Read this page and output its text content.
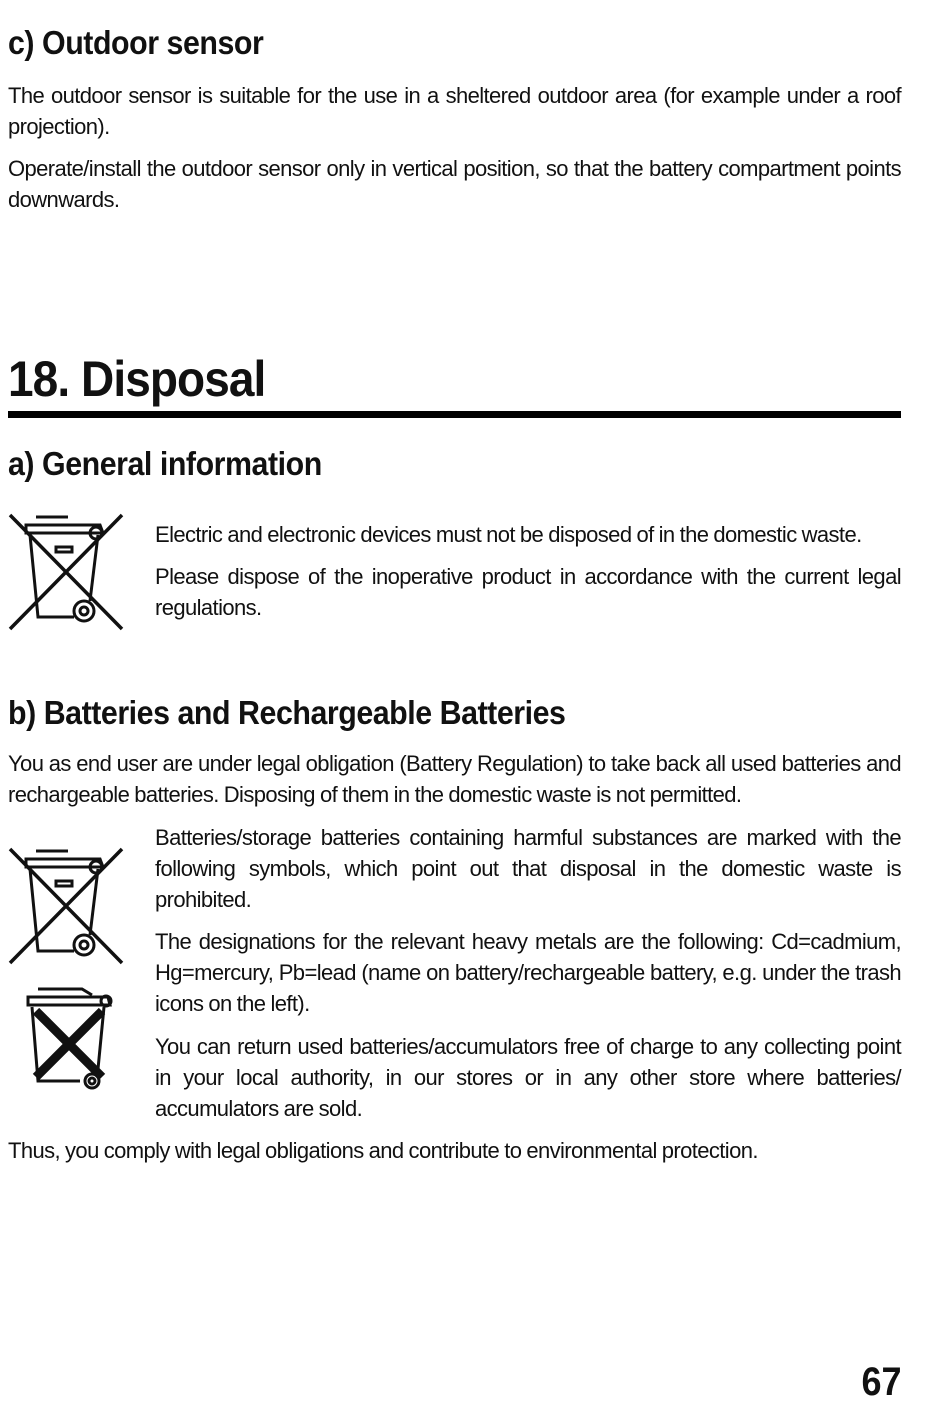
c) Outdoor sensor

The outdoor sensor is suitable for the use in a sheltered outdoor area (for example under a roof projection).

Operate/install the outdoor sensor only in vertical position, so that the battery compartment points downwards.

18. Disposal
a) General information

Electric and electronic devices must not be disposed of in the domestic waste.

Please dispose of the inoperative product in accordance with the current legal regulations.

b) Batteries and Rechargeable Batteries

You as end user are under legal obligation (Battery Regulation) to take back all used batteries and rechargeable batteries. Disposing of them in the domestic waste is not permitted.

Batteries/storage batteries containing harmful substances are marked with the following symbols, which point out that disposal in the domestic waste is prohibited.

The designations for the relevant heavy metals are the following: Cd=cadmium, Hg=mercury, Pb=lead (name on battery/rechargeable battery, e.g. under the trash icons on the left).

You can return used batteries/accumulators free of charge to any collecting point in your local authority, in our stores or in any other store where batteries/ accumulators are sold.

Thus, you comply with legal obligations and contribute to environmental protection.

67
